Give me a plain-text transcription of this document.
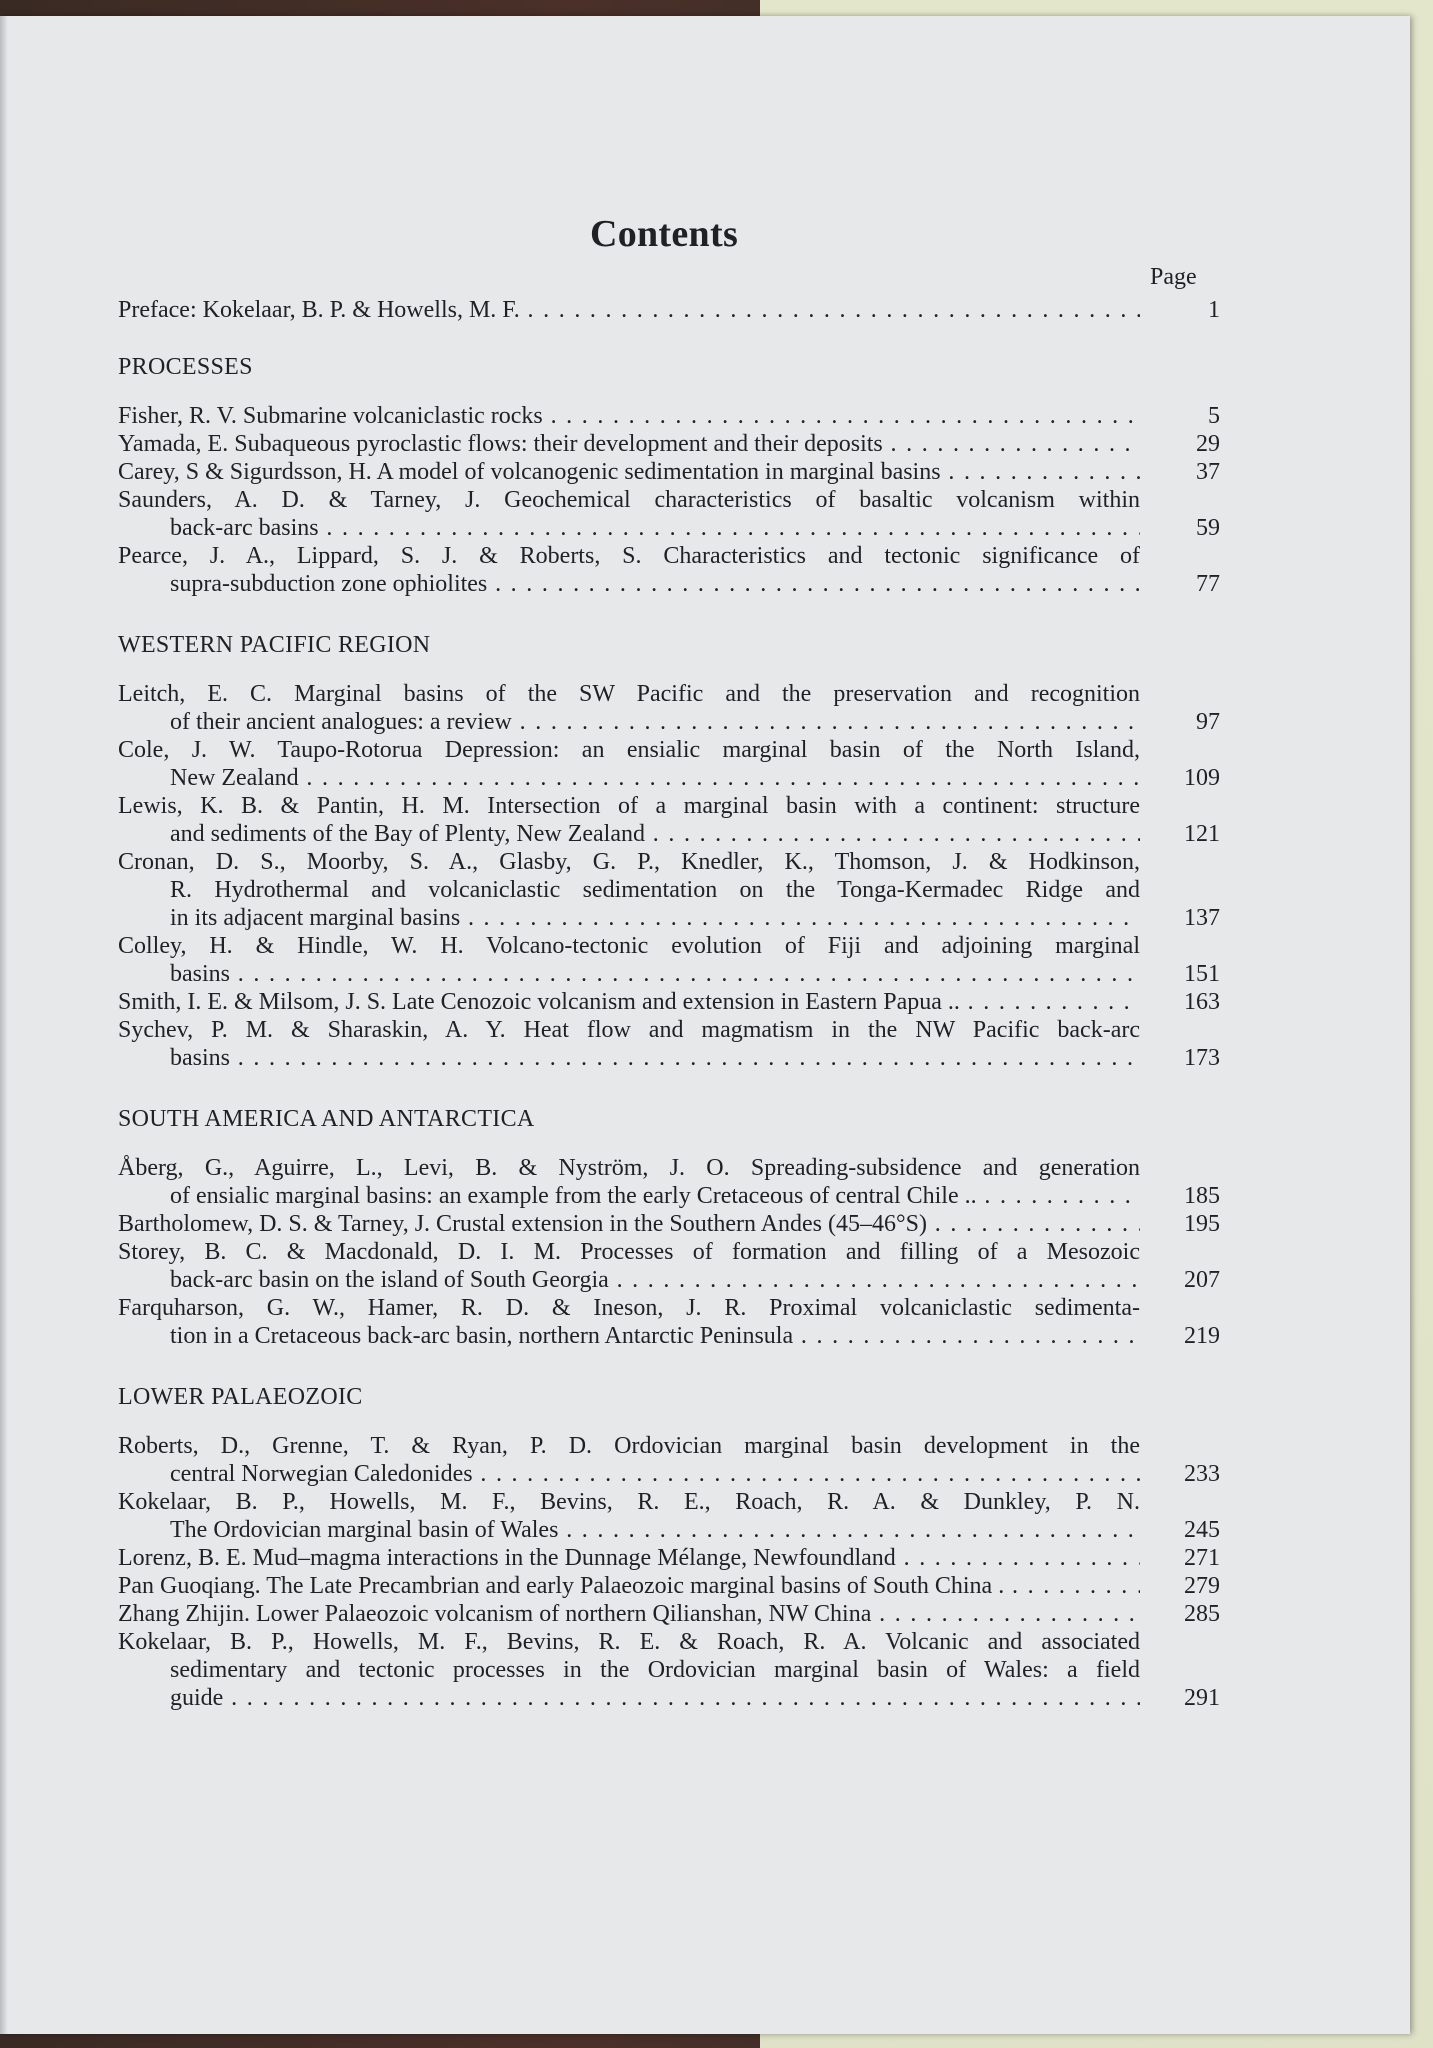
Contents
Page
Preface: Kokelaar, B. P. & Howells, M. F. . . .	1
PROCESSES
Fisher, R. V. Submarine volcaniclastic rocks . . .	5
Yamada, E. Subaqueous pyroclastic flows: their development and their deposits . . .	29
Carey, S & Sigurdsson, H. A model of volcanogenic sedimentation in marginal basins . . .	37
Saunders, A. D. & Tarney, J. Geochemical characteristics of basaltic volcanism within
back-arc basins . . .	59
Pearce, J. A., Lippard, S. J. & Roberts, S. Characteristics and tectonic significance of
supra-subduction zone ophiolites . . .	77
WESTERN PACIFIC REGION
Leitch, E. C. Marginal basins of the SW Pacific and the preservation and recognition
of their ancient analogues: a review . . .	97
Cole, J. W. Taupo-Rotorua Depression: an ensialic marginal basin of the North Island,
New Zealand . . .	109
Lewis, K. B. & Pantin, H. M. Intersection of a marginal basin with a continent: structure
and sediments of the Bay of Plenty, New Zealand . . .	121
Cronan, D. S., Moorby, S. A., Glasby, G. P., Knedler, K., Thomson, J. & Hodkinson,
R. Hydrothermal and volcaniclastic sedimentation on the Tonga-Kermadec Ridge and
in its adjacent marginal basins . . .	137
Colley, H. & Hindle, W. H. Volcano-tectonic evolution of Fiji and adjoining marginal
basins . . .	151
Smith, I. E. & Milsom, J. S. Late Cenozoic volcanism and extension in Eastern Papua .. . . .	163
Sychev, P. M. & Sharaskin, A. Y. Heat flow and magmatism in the NW Pacific back-arc
basins . . .	173
SOUTH AMERICA AND ANTARCTICA
Åberg, G., Aguirre, L., Levi, B. & Nyström, J. O. Spreading-subsidence and generation
of ensialic marginal basins: an example from the early Cretaceous of central Chile .. . . .	185
Bartholomew, D. S. & Tarney, J. Crustal extension in the Southern Andes (45–46°S) . . .	195
Storey, B. C. & Macdonald, D. I. M. Processes of formation and filling of a Mesozoic
back-arc basin on the island of South Georgia . . .	207
Farquharson, G. W., Hamer, R. D. & Ineson, J. R. Proximal volcaniclastic sedimenta-
tion in a Cretaceous back-arc basin, northern Antarctic Peninsula . . .	219
LOWER PALAEOZOIC
Roberts, D., Grenne, T. & Ryan, P. D. Ordovician marginal basin development in the
central Norwegian Caledonides . . .	233
Kokelaar, B. P., Howells, M. F., Bevins, R. E., Roach, R. A. & Dunkley, P. N.
The Ordovician marginal basin of Wales . . .	245
Lorenz, B. E. Mud–magma interactions in the Dunnage Mélange, Newfoundland . . .	271
Pan Guoqiang. The Late Precambrian and early Palaeozoic marginal basins of South China . . . .	279
Zhang Zhijin. Lower Palaeozoic volcanism of northern Qilianshan, NW China . . .	285
Kokelaar, B. P., Howells, M. F., Bevins, R. E. & Roach, R. A. Volcanic and associated
sedimentary and tectonic processes in the Ordovician marginal basin of Wales: a field
guide . . .	291
